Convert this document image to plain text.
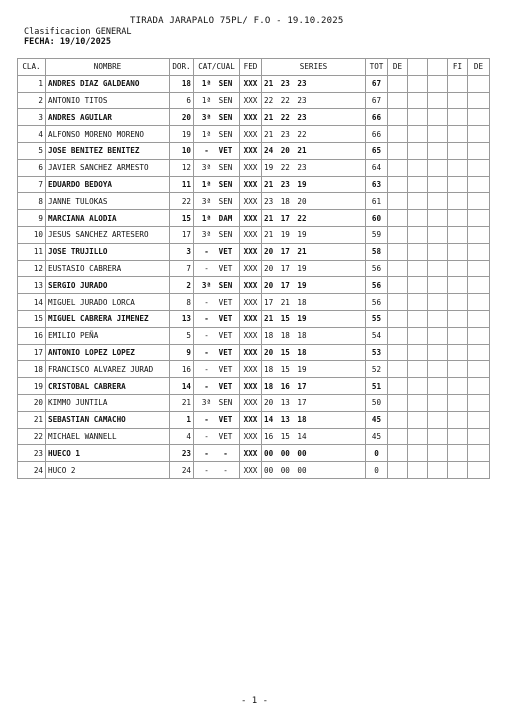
TIRADA JARAPALO 75PL/ F.O - 19.10.2025
Clasificacion GENERAL
FECHA: 19/10/2025
CLA.	NOMBRE	DOR.	CAT/CUAL	FED	SERIES	TOT	DE			FI	DE
1	ANDRES DIAZ GALDEANO	18	1ª SEN	XXX	21 23 23	67					
2	ANTONIO TITOS	6	1ª SEN	XXX	22 22 23	67					
3	ANDRES AGUILAR	20	3ª SEN	XXX	21 22 23	66					
4	ALFONSO MORENO MORENO	19	1ª SEN	XXX	21 23 22	66					
5	JOSE BENITEZ BENITEZ	10	- VET	XXX	24 20 21	65					
6	JAVIER SANCHEZ ARMESTO	12	3ª SEN	XXX	19 22 23	64					
7	EDUARDO BEDOYA	11	1ª SEN	XXX	21 23 19	63					
8	JANNE TULOKAS	22	3ª SEN	XXX	23 18 20	61					
9	MARCIANA ALODIA	15	1ª DAM	XXX	21 17 22	60					
10	JESUS SANCHEZ ARTESERO	17	3ª SEN	XXX	21 19 19	59					
11	JOSE TRUJILLO	3	- VET	XXX	20 17 21	58					
12	EUSTASIO CABRERA	7	- VET	XXX	20 17 19	56					
13	SERGIO JURADO	2	3ª SEN	XXX	20 17 19	56					
14	MIGUEL JURADO LORCA	8	- VET	XXX	17 21 18	56					
15	MIGUEL CABRERA JIMENEZ	13	- VET	XXX	21 15 19	55					
16	EMILIO PEÑA	5	- VET	XXX	18 18 18	54					
17	ANTONIO LOPEZ LOPEZ	9	- VET	XXX	20 15 18	53					
18	FRANCISCO ALVAREZ JURAD	16	- VET	XXX	18 15 19	52					
19	CRISTOBAL CABRERA	14	- VET	XXX	18 16 17	51					
20	KIMMO JUNTILA	21	3ª SEN	XXX	20 13 17	50					
21	SEBASTIAN CAMACHO	1	- VET	XXX	14 13 18	45					
22	MICHAEL WANNELL	4	- VET	XXX	16 15 14	45					
23	HUECO 1	23	- -	XXX	00 00 00	0					
24	HUCO 2	24	- -	XXX	00 00 00	0					
- 1 -
